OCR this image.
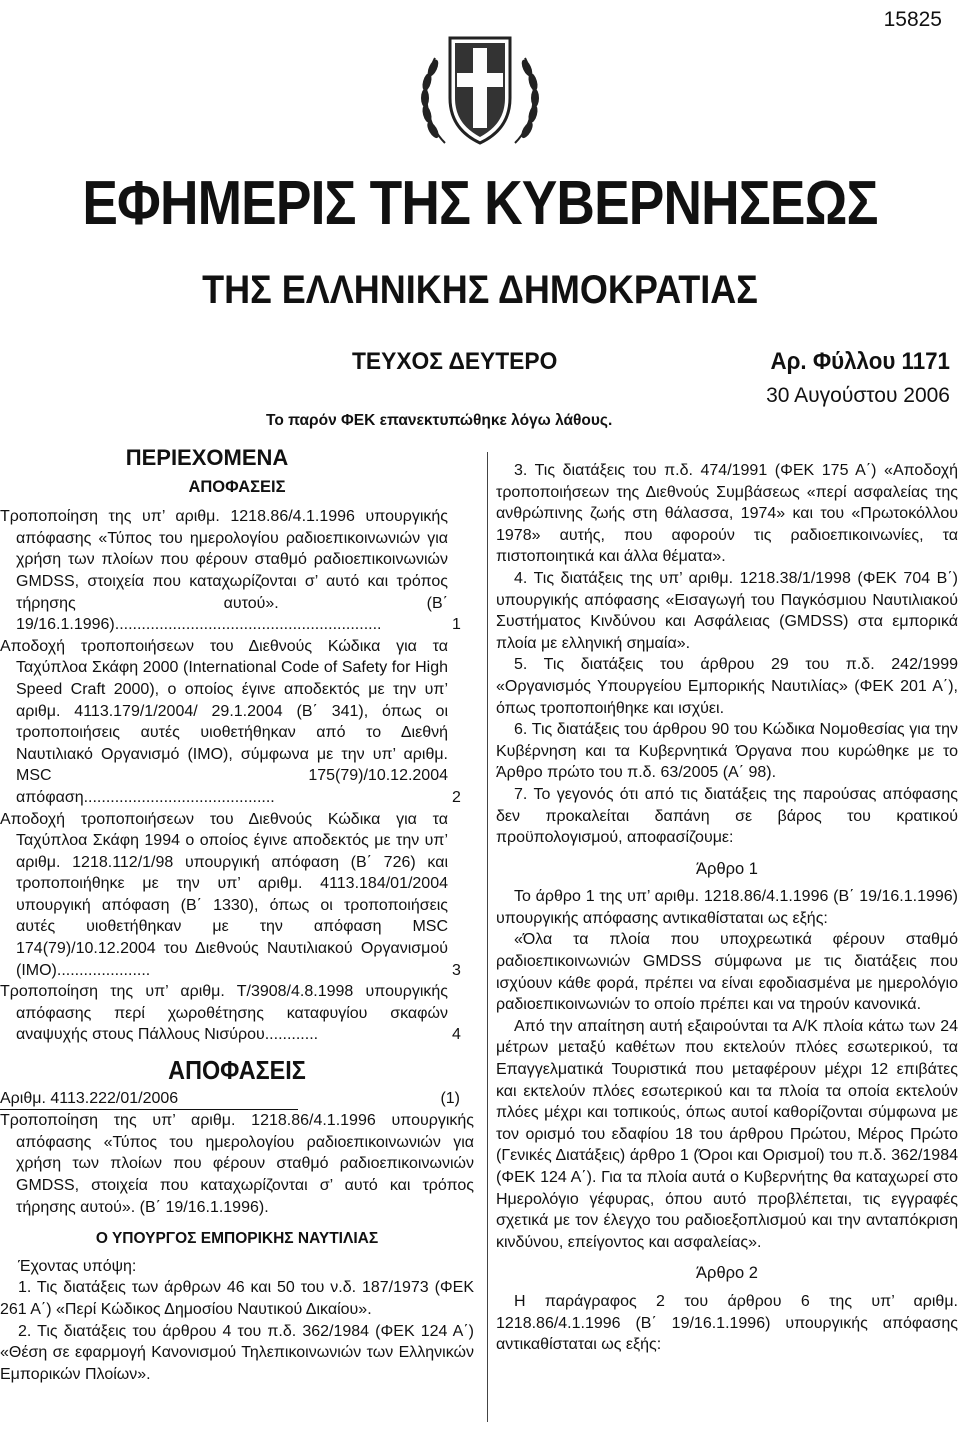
15825
ΕΦΗΜΕΡΙΣ ΤΗΣ ΚΥΒΕΡΝΗΣΕΩΣ
ΤΗΣ ΕΛΛΗΝΙΚΗΣ ΔΗΜΟΚΡΑΤΙΑΣ
ΤΕΥΧΟΣ ΔΕΥΤΕΡΟ	Αρ. Φύλλου 1171
30 Αυγούστου 2006
Το παρόν ΦΕΚ επανεκτυπώθηκε λόγω λάθους.
ΠΕΡΙΕΧΟΜΕΝΑ
ΑΠΟΦΑΣΕΙΣ

Τροποποίηση της υπ’ αριθμ. 1218.86/4.1.1996 υπουργικής απόφασης «Τύπος του ημερολογίου ραδιοεπικοινωνιών για χρήση των πλοίων που φέρουν σταθμό ραδιοεπικοινωνιών GMDSS, στοιχεία που καταχωρίζονται σ’ αυτό και τρόπος τήρησης αυτού». (Β΄ 19/16.1.1996)............................................................	1

Αποδοχή τροποποιήσεων του Διεθνούς Κώδικα για τα Ταχύπλοα Σκάφη 2000 (International Code of Safety for High Speed Craft 2000), ο οποίος έγινε αποδεκτός με την υπ’ αριθμ. 4113.179/1/2004/ 29.1.2004 (Β΄ 341), όπως οι τροποποιήσεις αυτές υιοθετήθηκαν από το Διεθνή Ναυτιλιακό Οργανισμό (ΙΜΟ), σύμφωνα με την υπ’ αριθμ. MSC 175(79)/10.12.2004 απόφαση...........................................	2

Αποδοχή τροποποιήσεων του Διεθνούς Κώδικα για τα Ταχύπλοα Σκάφη 1994 ο οποίος έγινε αποδεκτός με την υπ’ αριθμ. 1218.112/1/98 υπουργική απόφαση (Β΄ 726) και τροποποιήθηκε με την υπ’ αριθμ. 4113.184/01/2004 υπουργική απόφαση (Β΄ 1330), όπως οι τροποποιήσεις αυτές υιοθετήθηκαν με την απόφαση MSC 174(79)/10.12.2004 του Διεθνούς Ναυτιλιακού Οργανισμού (ΙΜΟ).....................	3

Τροποποίηση της υπ’ αριθμ. Τ/3908/4.8.1998 υπουργικής απόφασης περί χωροθέτησης καταφυγίου σκαφών αναψυχής στους Πάλλους Νισύρου............	4

ΑΠΟΦΑΣΕΙΣ
Αριθμ. 4113.222/01/2006	(1)

Τροποποίηση της υπ’ αριθμ. 1218.86/4.1.1996 υπουργικής απόφασης «Τύπος του ημερολογίου ραδιοεπικοινωνιών για χρήση των πλοίων που φέρουν σταθμό ραδιοεπικοινωνιών GMDSS, στοιχεία που καταχωρίζονται σ’ αυτό και τρόπος τήρησης αυτού». (Β΄ 19/16.1.1996).

Ο ΥΠΟΥΡΓΟΣ ΕΜΠΟΡΙΚΗΣ ΝΑΥΤΙΛΙΑΣ

Έχοντας υπόψη:

1. Τις διατάξεις των άρθρων 46 και 50 του ν.δ. 187/1973 (ΦΕΚ 261 Α΄) «Περί Κώδικος Δημοσίου Ναυτικού Δικαίου».

2. Τις διατάξεις του άρθρου 4 του π.δ. 362/1984 (ΦΕΚ 124 Α΄) «Θέση σε εφαρμογή Κανονισμού Τηλεπικοινωνιών των Ελληνικών Εμπορικών Πλοίων».

3. Τις διατάξεις του π.δ. 474/1991 (ΦΕΚ 175 Α΄) «Αποδοχή τροποποιήσεων της Διεθνούς Συμβάσεως «περί ασφαλείας της ανθρώπινης ζωής στη θάλασσα, 1974» και του «Πρωτοκόλλου 1978» αυτής, που αφορούν τις ραδιοεπικοινωνίες, τα πιστοποιητικά και άλλα θέματα».

4. Τις διατάξεις της υπ’ αριθμ. 1218.38/1/1998 (ΦΕΚ 704 Β΄) υπουργικής απόφασης «Εισαγωγή του Παγκόσμιου Ναυτιλιακού Συστήματος Κινδύνου και Ασφάλειας (GMDSS) στα εμπορικά πλοία με ελληνική σημαία».

5. Τις διατάξεις του άρθρου 29 του π.δ. 242/1999 «Οργανισμός Υπουργείου Εμπορικής Ναυτιλίας» (ΦΕΚ 201 Α΄), όπως τροποποιήθηκε και ισχύει.

6. Τις διατάξεις του άρθρου 90 του Κώδικα Νομοθεσίας για την Κυβέρνηση και τα Κυβερνητικά Όργανα που κυρώθηκε με το Άρθρο πρώτο του π.δ. 63/2005 (Α΄ 98).

7. Το γεγονός ότι από τις διατάξεις της παρούσας απόφασης δεν προκαλείται δαπάνη σε βάρος του κρατικού προϋπολογισμού, αποφασίζουμε:

Άρθρο 1

Το άρθρο 1 της υπ’ αριθμ. 1218.86/4.1.1996 (Β΄ 19/16.1.1996) υπουργικής απόφασης αντικαθίσταται ως εξής:

«Όλα τα πλοία που υποχρεωτικά φέρουν σταθμό ραδιοεπικοινωνιών GMDSS σύμφωνα με τις διατάξεις που ισχύουν κάθε φορά, πρέπει να είναι εφοδιασμένα με ημερολόγιο ραδιοεπικοινωνιών το οποίο πρέπει και να τηρούν κανονικά.

Από την απαίτηση αυτή εξαιρούνται τα Α/Κ πλοία κάτω των 24 μέτρων μεταξύ καθέτων που εκτελούν πλόες εσωτερικού, τα Επαγγελματικά Τουριστικά που μεταφέρουν μέχρι 12 επιβάτες και εκτελούν πλόες εσωτερικού και τα πλοία τα οποία εκτελούν πλόες μέχρι και τοπικούς, όπως αυτοί καθορίζονται σύμφωνα με τον ορισμό του εδαφίου 18 του άρθρου Πρώτου, Μέρος Πρώτο (Γενικές Διατάξεις) άρθρο 1 (Όροι και Ορισμοί) του π.δ. 362/1984 (ΦΕΚ 124 Α΄). Για τα πλοία αυτά ο Κυβερνήτης θα καταχωρεί στο Ημερολόγιο γέφυρας, όπου αυτό προβλέπεται, τις εγγραφές σχετικά με τον έλεγχο του ραδιοεξοπλισμού και την ανταπόκριση κινδύνου, επείγοντος και ασφαλείας».

Άρθρο 2

Η παράγραφος 2 του άρθρου 6 της υπ’ αριθμ. 1218.86/4.1.1996 (Β΄ 19/16.1.1996) υπουργικής απόφασης αντικαθίσταται ως εξής:
